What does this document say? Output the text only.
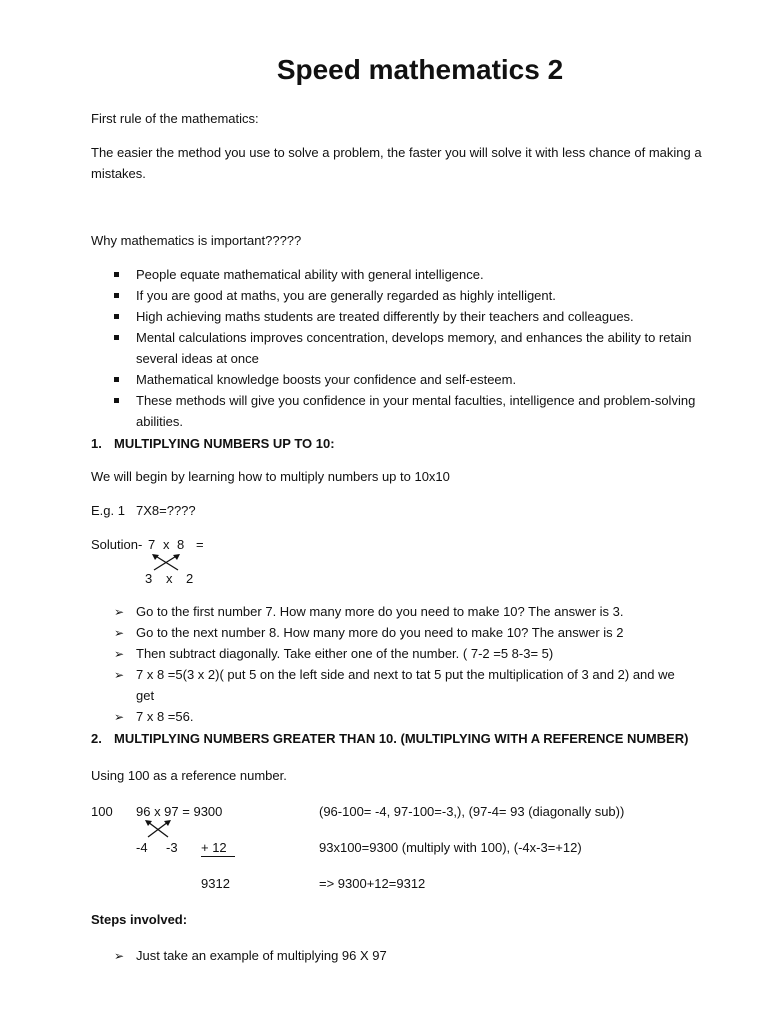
Speed mathematics 2
First rule of the mathematics:
The easier the method you use to solve a problem, the faster you will solve it with less chance of making a
mistakes.
Why mathematics is important?????
People equate mathematical ability with general intelligence.
If you are good at maths, you are generally regarded as highly intelligent.
High achieving maths students are treated differently by their teachers and colleagues.
Mental calculations improves concentration, develops memory, and enhances the ability to retain
several ideas at once
Mathematical knowledge boosts your confidence and self-esteem.
These methods will give you confidence in your mental faculties, intelligence and problem-solving
abilities.
1. MULTIPLYING NUMBERS UP TO 10:
We will begin by learning how to multiply numbers up to 10x10
E.g. 1 7X8=????
Solution- 7 x 8 =
3 x 2
➢ Go to the first number 7. How many more do you need to make 10? The answer is 3.
➢ Go to the next number 8. How many more do you need to make 10? The answer is 2
➢ Then subtract diagonally. Take either one of the number. ( 7-2 =5 8-3= 5)
➢ 7 x 8 =5(3 x 2)( put 5 on the left side and next to tat 5 put the multiplication of 3 and 2) and we
get
➢ 7 x 8 =56.
2. MULTIPLYING NUMBERS GREATER THAN 10. (MULTIPLYING WITH A REFERENCE NUMBER)
Using 100 as a reference number.
100 96 x 97 = 9300	(96-100= -4, 97-100=-3,), (97-4= 93 (diagonally sub))
-4 -3 + 12	93x100=9300 (multiply with 100), (-4x-3=+12)
9312	=> 9300+12=9312
Steps involved:
➢ Just take an example of multiplying 96 X 97
